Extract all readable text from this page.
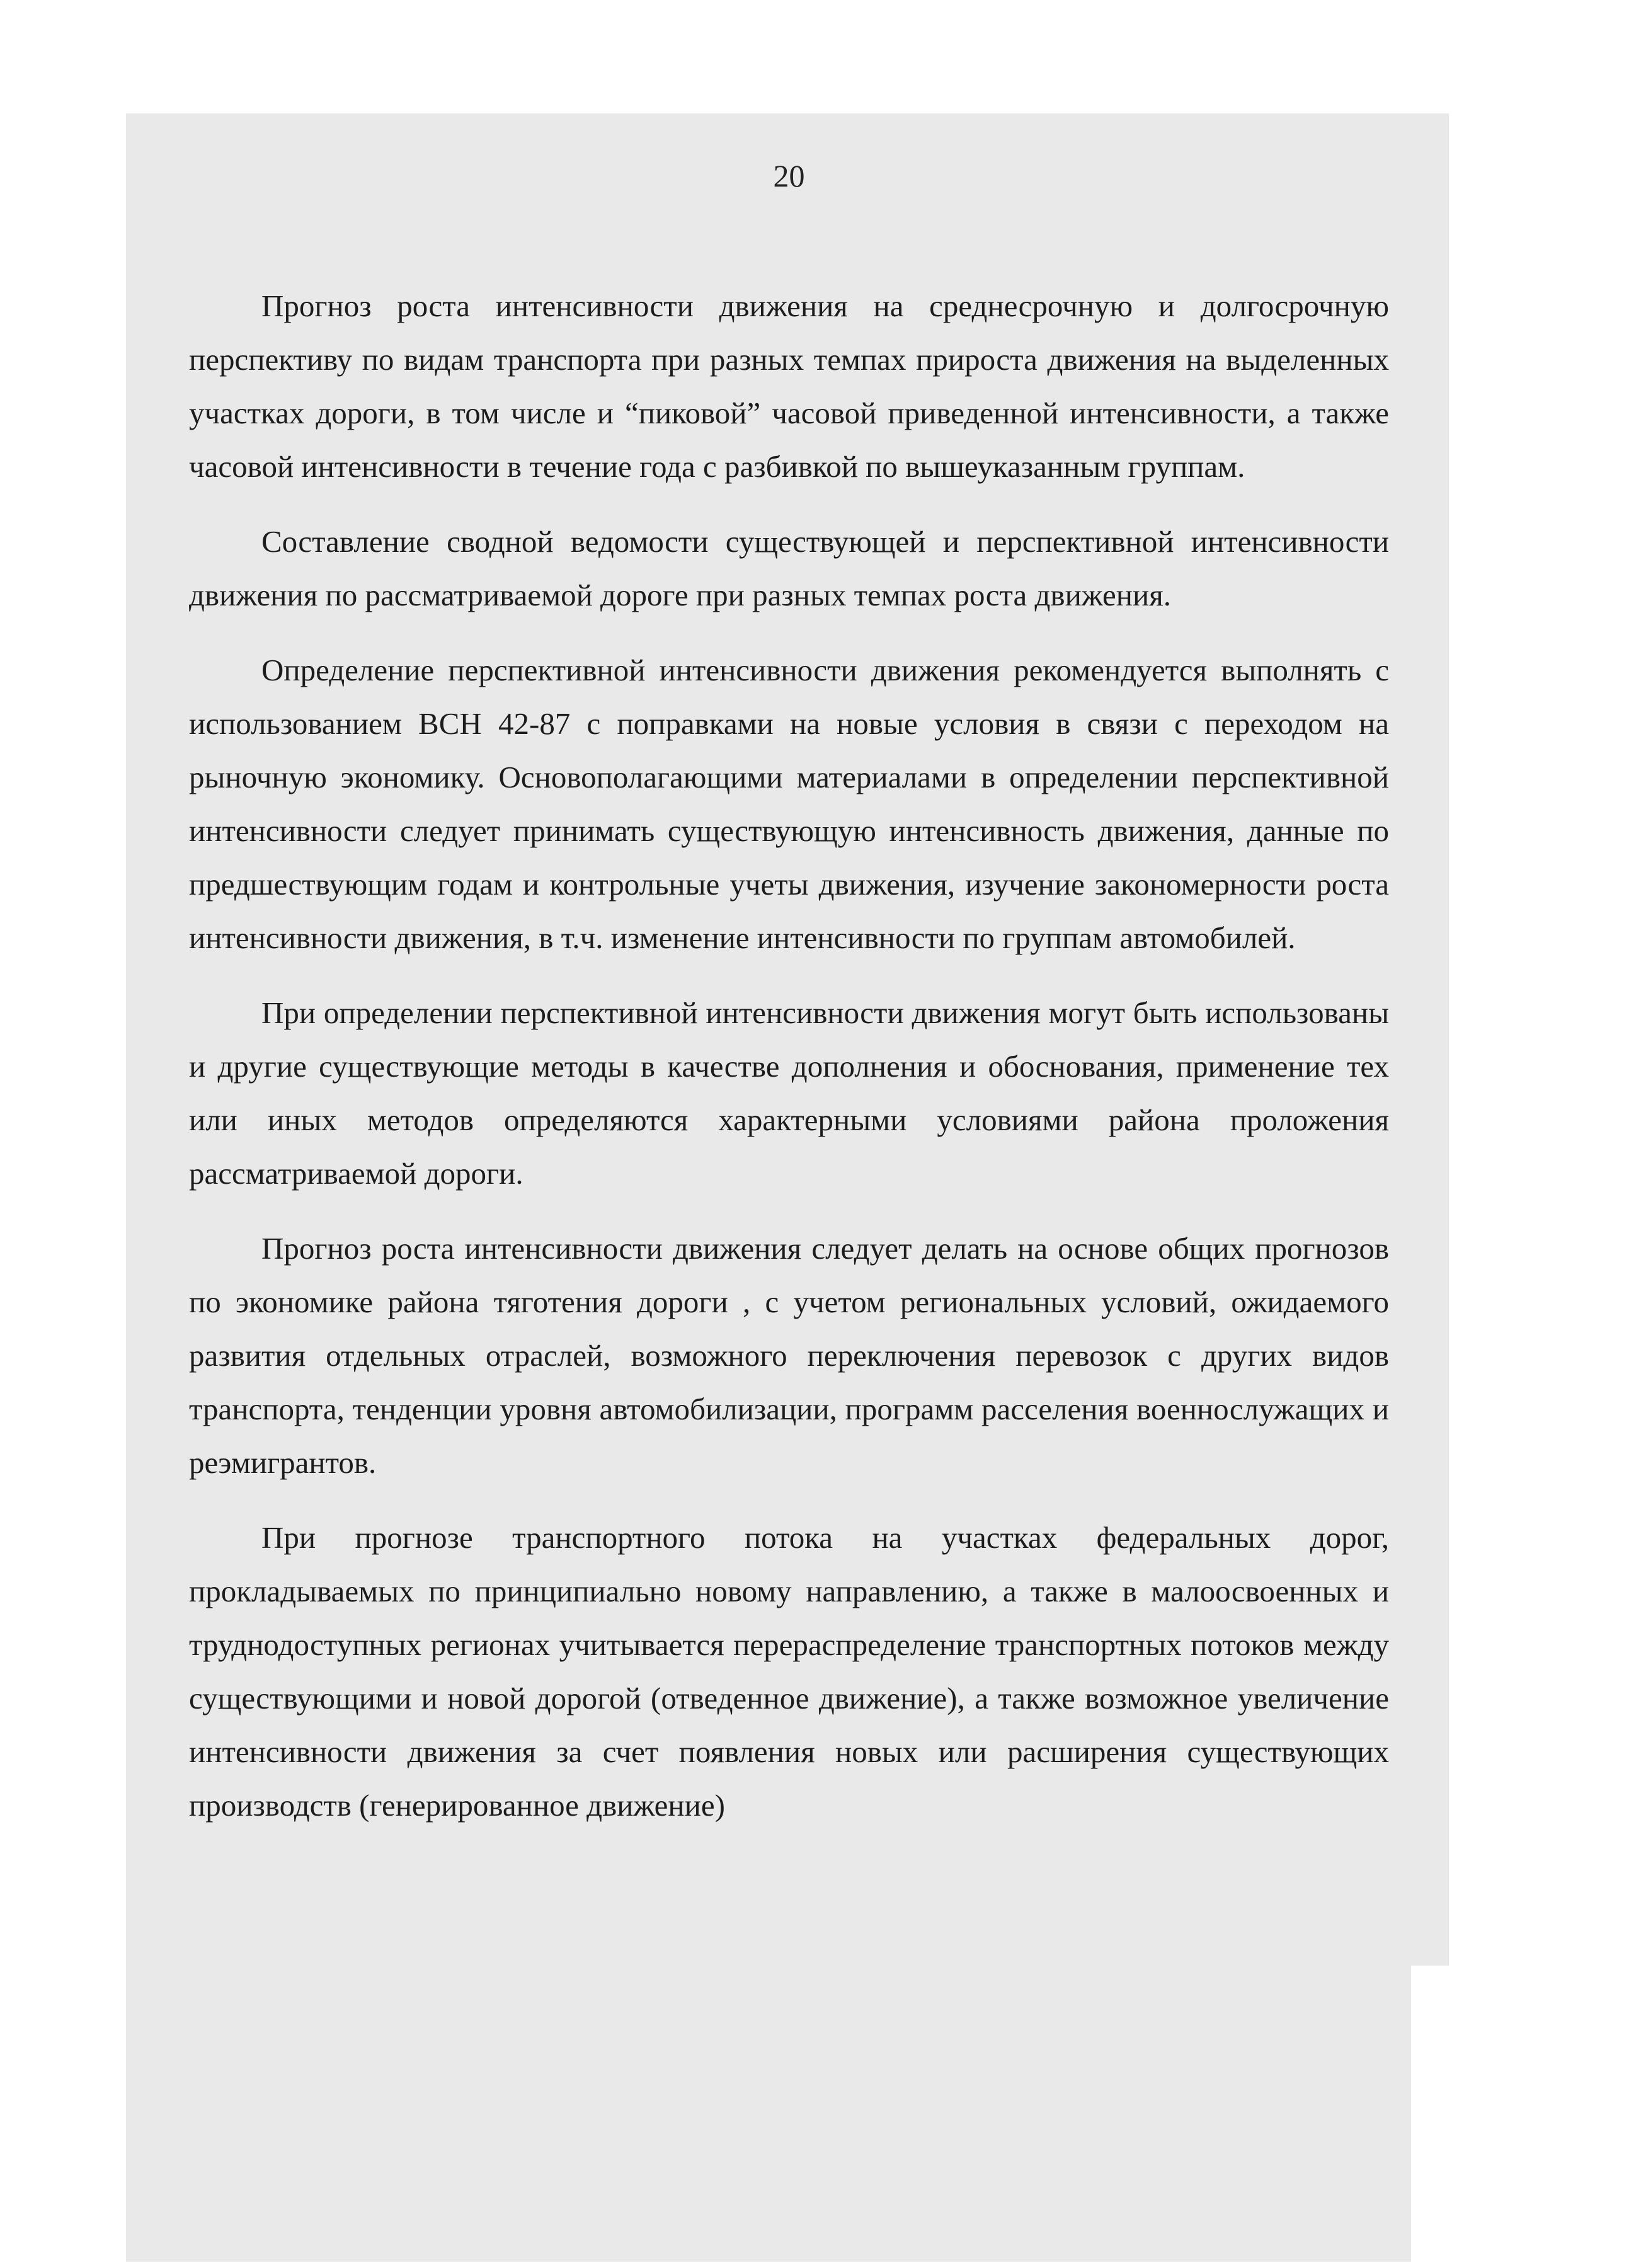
20

Прогноз роста интенсивности движения на среднесрочную и долгосрочную перспективу по видам транспорта при разных темпах прироста движения на выделенных участках дороги, в том числе и “пиковой” часовой приведенной интенсивности, а также часовой интенсивности в течение года с разбивкой по вышеуказанным группам.

Составление сводной ведомости существующей и перспективной интенсивности движения по рассматриваемой дороге при разных темпах роста движения.

Определение перспективной интенсивности движения рекомендуется выполнять с использованием ВСН 42-87 с поправками на новые условия в связи с переходом на рыночную экономику. Основополагающими материалами в определении перспективной интенсивности следует принимать существующую интенсивность движения, данные по предшествующим годам и контрольные учеты движения, изучение закономерности роста интенсивности движения, в т.ч. изменение интенсивности по группам автомобилей.

При определении перспективной интенсивности движения могут быть использованы и другие существующие методы в качестве дополнения и обоснования, применение тех или иных методов определяются характерными условиями района проложения рассматриваемой дороги.

Прогноз роста интенсивности движения следует делать на основе общих прогнозов по экономике района тяготения дороги , с учетом региональных условий, ожидаемого развития отдельных отраслей, возможного переключения перевозок с других видов транспорта, тенденции уровня автомобилизации, программ расселения военнослужащих и реэмигрантов.

При прогнозе транспортного потока на участках федеральных дорог, прокладываемых по принципиально новому направлению, а также в малоосвоенных и труднодоступных регионах учитывается перераспределение транспортных потоков между существующими и новой дорогой (отведенное движение), а также возможное увеличение интенсивности движения за счет появления новых или расширения существующих производств (генерированное движение)
